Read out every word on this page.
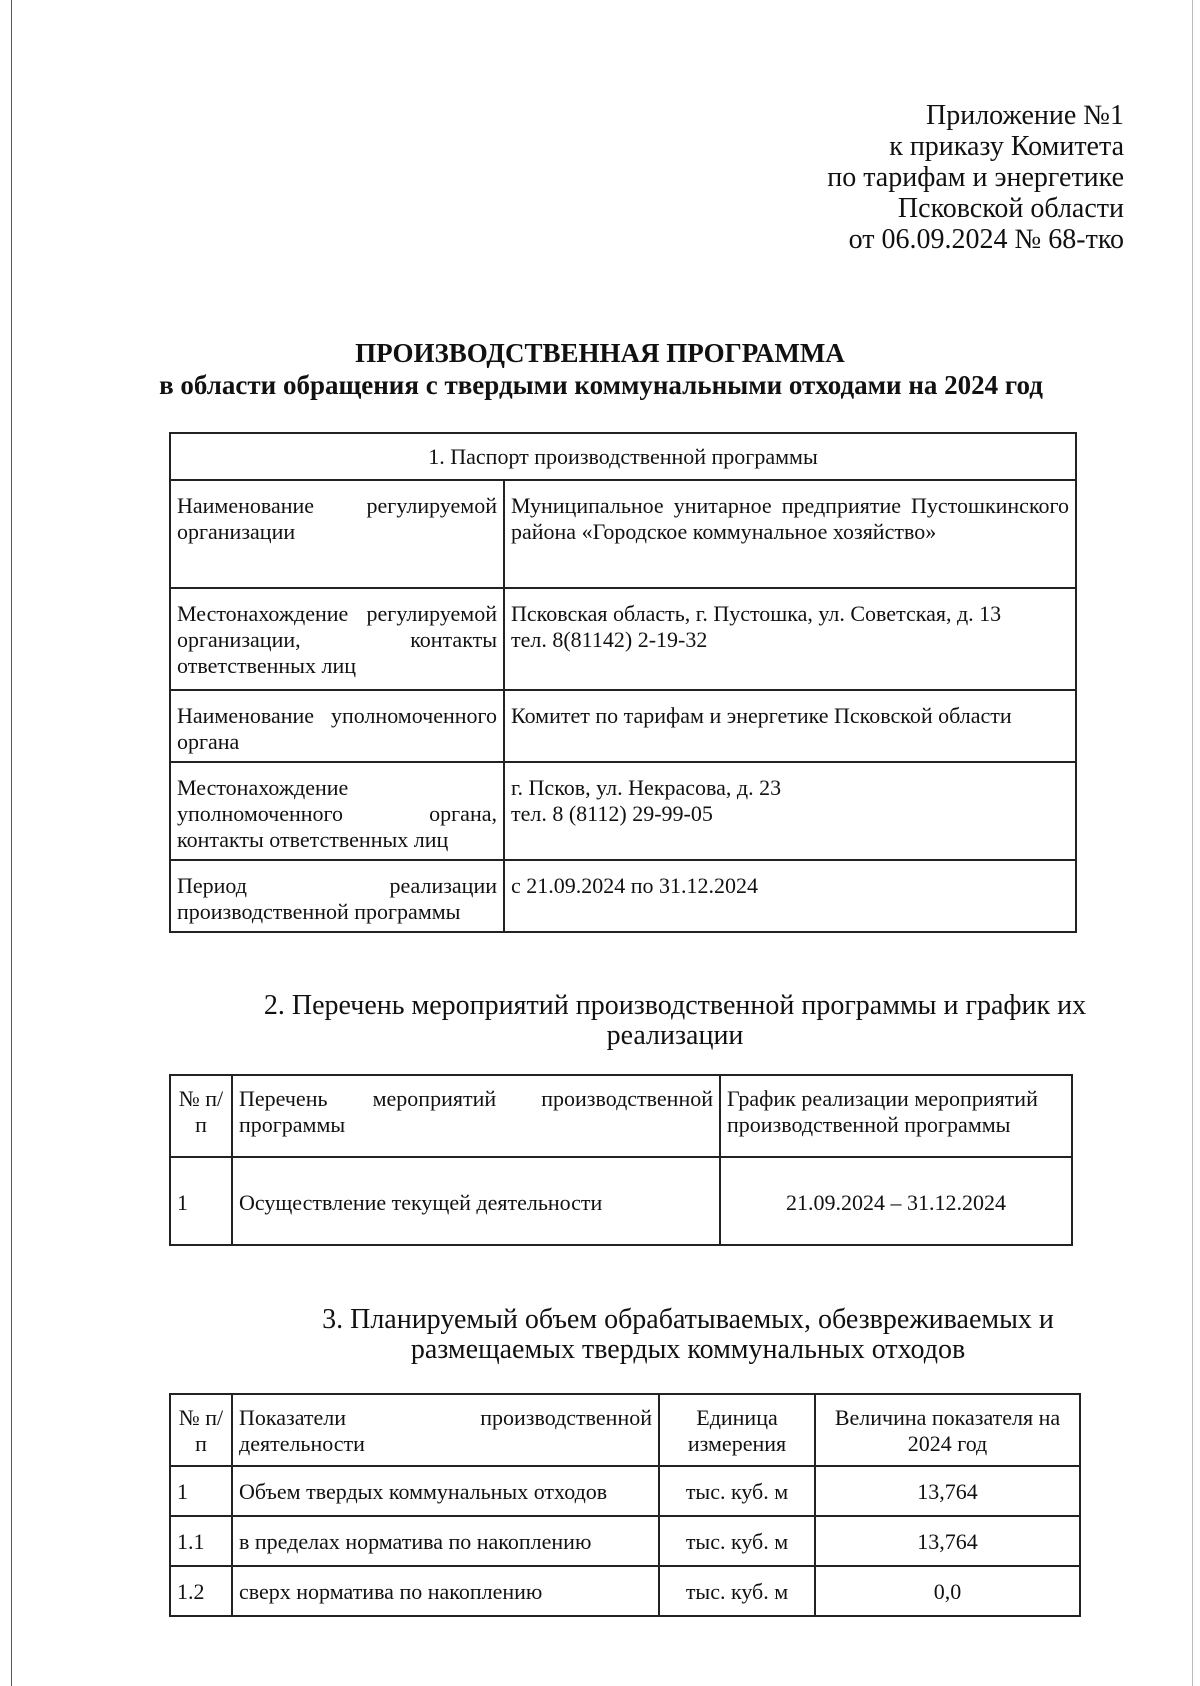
Приложение №1
к приказу Комитета
по тарифам и энергетике
Псковской области
от 06.09.2024 № 68-тко
ПРОИЗВОДСТВЕННАЯ ПРОГРАММА
в области обращения с твердыми коммунальными отходами на 2024 год
1. Паспорт производственной программы	
Наименование регулируемой организации	Муниципальное унитарное предприятие Пустошкинского района «Городское коммунальное хозяйство»
Местонахождение регулируемой организации, контакты ответственных лиц	Псковская область, г. Пустошка, ул. Советская, д. 13
тел. 8(81142) 2-19-32

Наименование уполномоченного органа	Комитет по тарифам и энергетике Псковской области
Местонахождение уполномоченного органа, контакты ответственных лиц	г. Псков, ул. Некрасова, д. 23
тел. 8 (8112) 29-99-05

Период реализации производственной программы	с 21.09.2024 по 31.12.2024
2. Перечень мероприятий производственной программы и график их
реализации
№ п/п	Перечень мероприятий производственной программы	График реализации мероприятий производственной программы
1	Осуществление текущей деятельности	21.09.2024 – 31.12.2024
3. Планируемый объем обрабатываемых, обезвреживаемых и
размещаемых твердых коммунальных отходов
№ п/п	Показатели производственной деятельности	Единица измерения	Величина показателя на 2024 год
1	Объем твердых коммунальных отходов	тыс. куб. м	13,764
1.1	в пределах норматива по накоплению	тыс. куб. м	13,764
1.2	сверх норматива по накоплению	тыс. куб. м	0,0
